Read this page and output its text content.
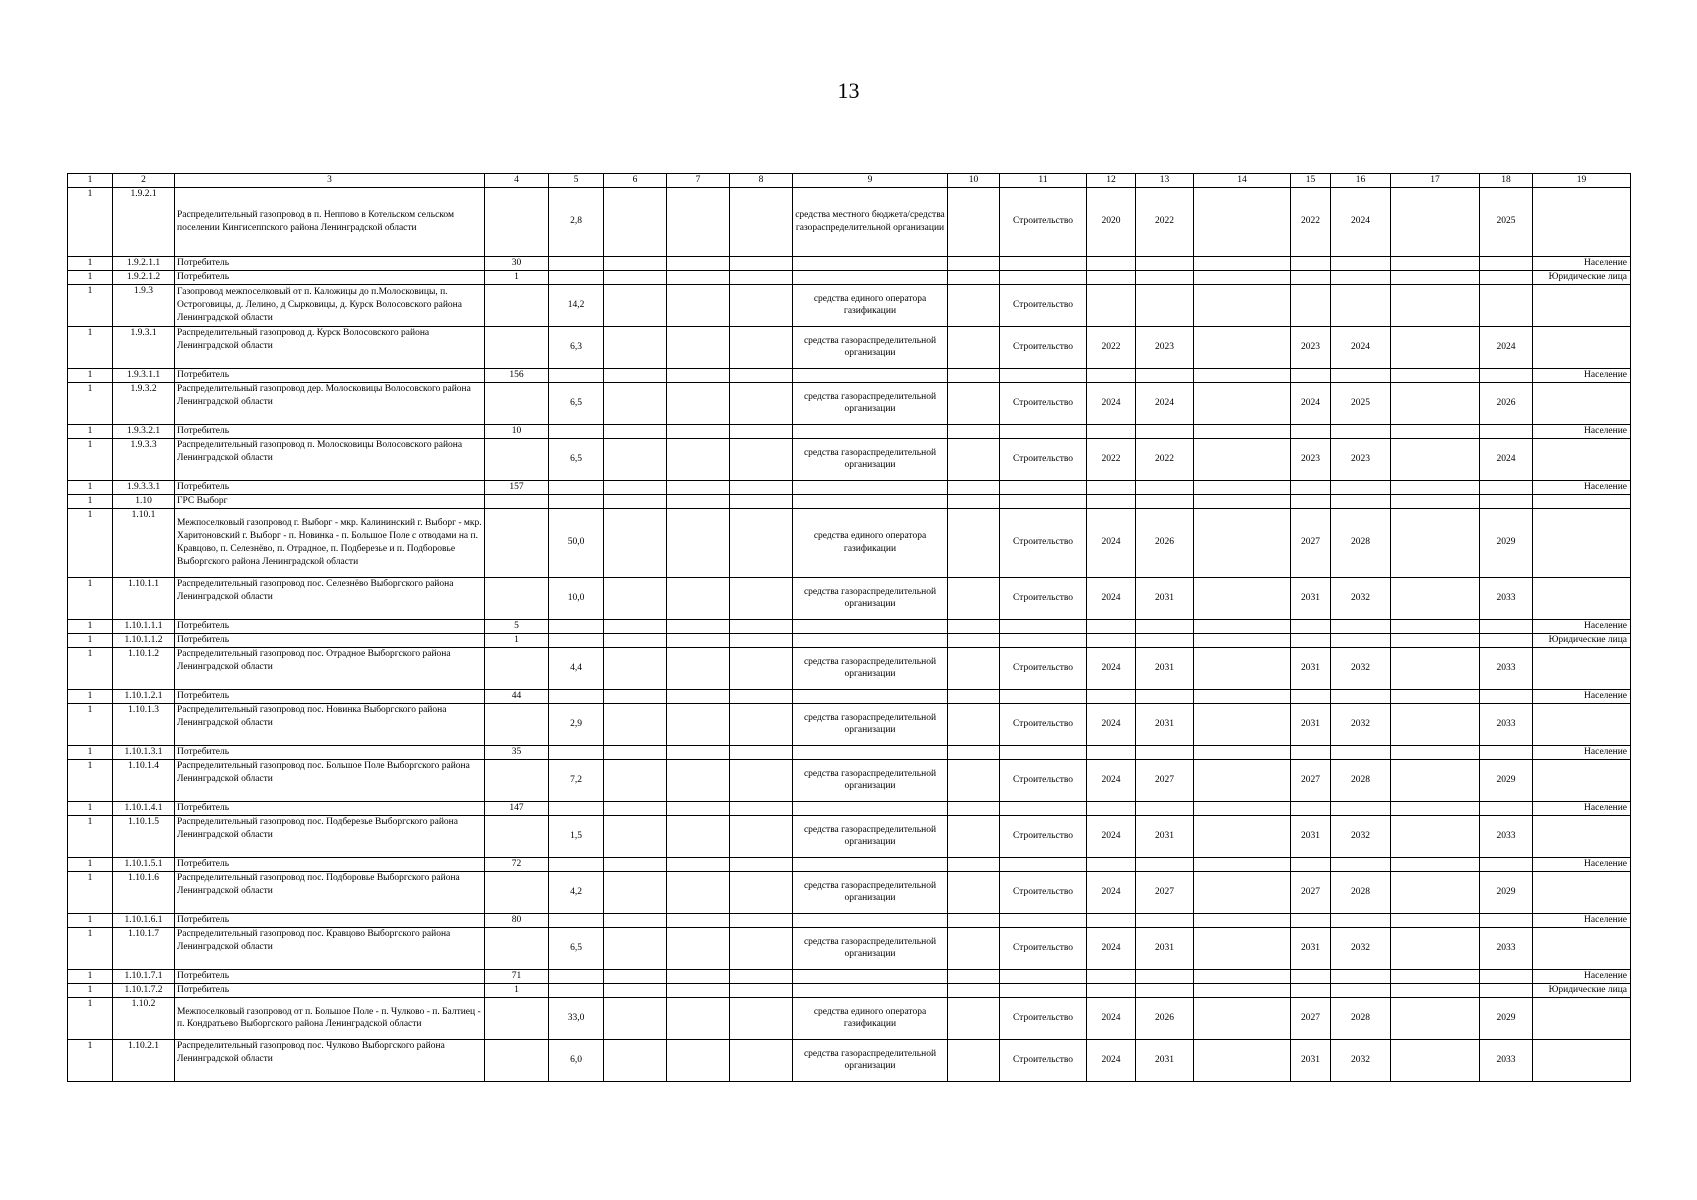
13
1	2	3	4	5	6	7	8	9	10	11	12	13	14	15	16	17	18	19
1	1.9.2.1	Распределительный газопровод в п. Неппово в Котельском сельском поселении Кингисеппского района Ленинградской области		2,8				средства местного бюджета/средства газораспределительной организации		Строительство	2020	2022		2022	2024		2025	
1	1.9.2.1.1	Потребитель	30															Население
1	1.9.2.1.2	Потребитель	1															Юридические лица
1	1.9.3	Газопровод межпоселковый от п. Каложицы до п.Молосковицы, п. Остроговицы, д. Лелино, д Сырковицы, д. Курск Волосовского района Ленинградской области		14,2				средства единого оператора газификации		Строительство								
1	1.9.3.1	Распределительный газопровод д. Курск Волосовского района Ленинградской области		6,3				средства газораспределительной организации		Строительство	2022	2023		2023	2024		2024	
1	1.9.3.1.1	Потребитель	156															Население
1	1.9.3.2	Распределительный газопровод дер. Молосковицы Волосовского района Ленинградской области		6,5				средства газораспределительной организации		Строительство	2024	2024		2024	2025		2026	
1	1.9.3.2.1	Потребитель	10															Население
1	1.9.3.3	Распределительный газопровод п. Молосковицы Волосовского района Ленинградской области		6,5				средства газораспределительной организации		Строительство	2022	2022		2023	2023		2024	
1	1.9.3.3.1	Потребитель	157															Население
1	1.10	ГРС Выборг																
1	1.10.1	Межпоселковый газопровод г. Выборг - мкр. Калининский г. Выборг - мкр. Харитоновский г. Выборг - п. Новинка - п. Большое Поле с отводами на п. Кравцово, п. Селезнёво, п. Отрадное, п. Подберезье и п. Подборовье Выборгского района Ленинградской области		50,0				средства единого оператора газификации		Строительство	2024	2026		2027	2028		2029	
1	1.10.1.1	Распределительный газопровод пос. Селезнёво Выборгского района Ленинградской области		10,0				средства газораспределительной организации		Строительство	2024	2031		2031	2032		2033	
1	1.10.1.1.1	Потребитель	5															Население
1	1.10.1.1.2	Потребитель	1															Юридические лица
1	1.10.1.2	Распределительный газопровод пос. Отрадное Выборгского района Ленинградской области		4,4				средства газораспределительной организации		Строительство	2024	2031		2031	2032		2033	
1	1.10.1.2.1	Потребитель	44															Население
1	1.10.1.3	Распределительный газопровод пос. Новинка Выборгского района Ленинградской области		2,9				средства газораспределительной организации		Строительство	2024	2031		2031	2032		2033	
1	1.10.1.3.1	Потребитель	35															Население
1	1.10.1.4	Распределительный газопровод пос. Большое Поле Выборгского района Ленинградской области		7,2				средства газораспределительной организации		Строительство	2024	2027		2027	2028		2029	
1	1.10.1.4.1	Потребитель	147															Население
1	1.10.1.5	Распределительный газопровод пос. Подберезье Выборгского района Ленинградской области		1,5				средства газораспределительной организации		Строительство	2024	2031		2031	2032		2033	
1	1.10.1.5.1	Потребитель	72															Население
1	1.10.1.6	Распределительный газопровод пос. Подборовье Выборгского района Ленинградской области		4,2				средства газораспределительной организации		Строительство	2024	2027		2027	2028		2029	
1	1.10.1.6.1	Потребитель	80															Население
1	1.10.1.7	Распределительный газопровод пос. Кравцово Выборгского района Ленинградской области		6,5				средства газораспределительной организации		Строительство	2024	2031		2031	2032		2033	
1	1.10.1.7.1	Потребитель	71															Население
1	1.10.1.7.2	Потребитель	1															Юридические лица
1	1.10.2	Межпоселковый газопровод от п. Большое Поле - п. Чулково - п. Балтиец - п. Кондратьево Выборгского района Ленинградской области		33,0				средства единого оператора газификации		Строительство	2024	2026		2027	2028		2029	
1	1.10.2.1	Распределительный газопровод пос. Чулково Выборгского района Ленинградской области		6,0				средства газораспределительной организации		Строительство	2024	2031		2031	2032		2033	
